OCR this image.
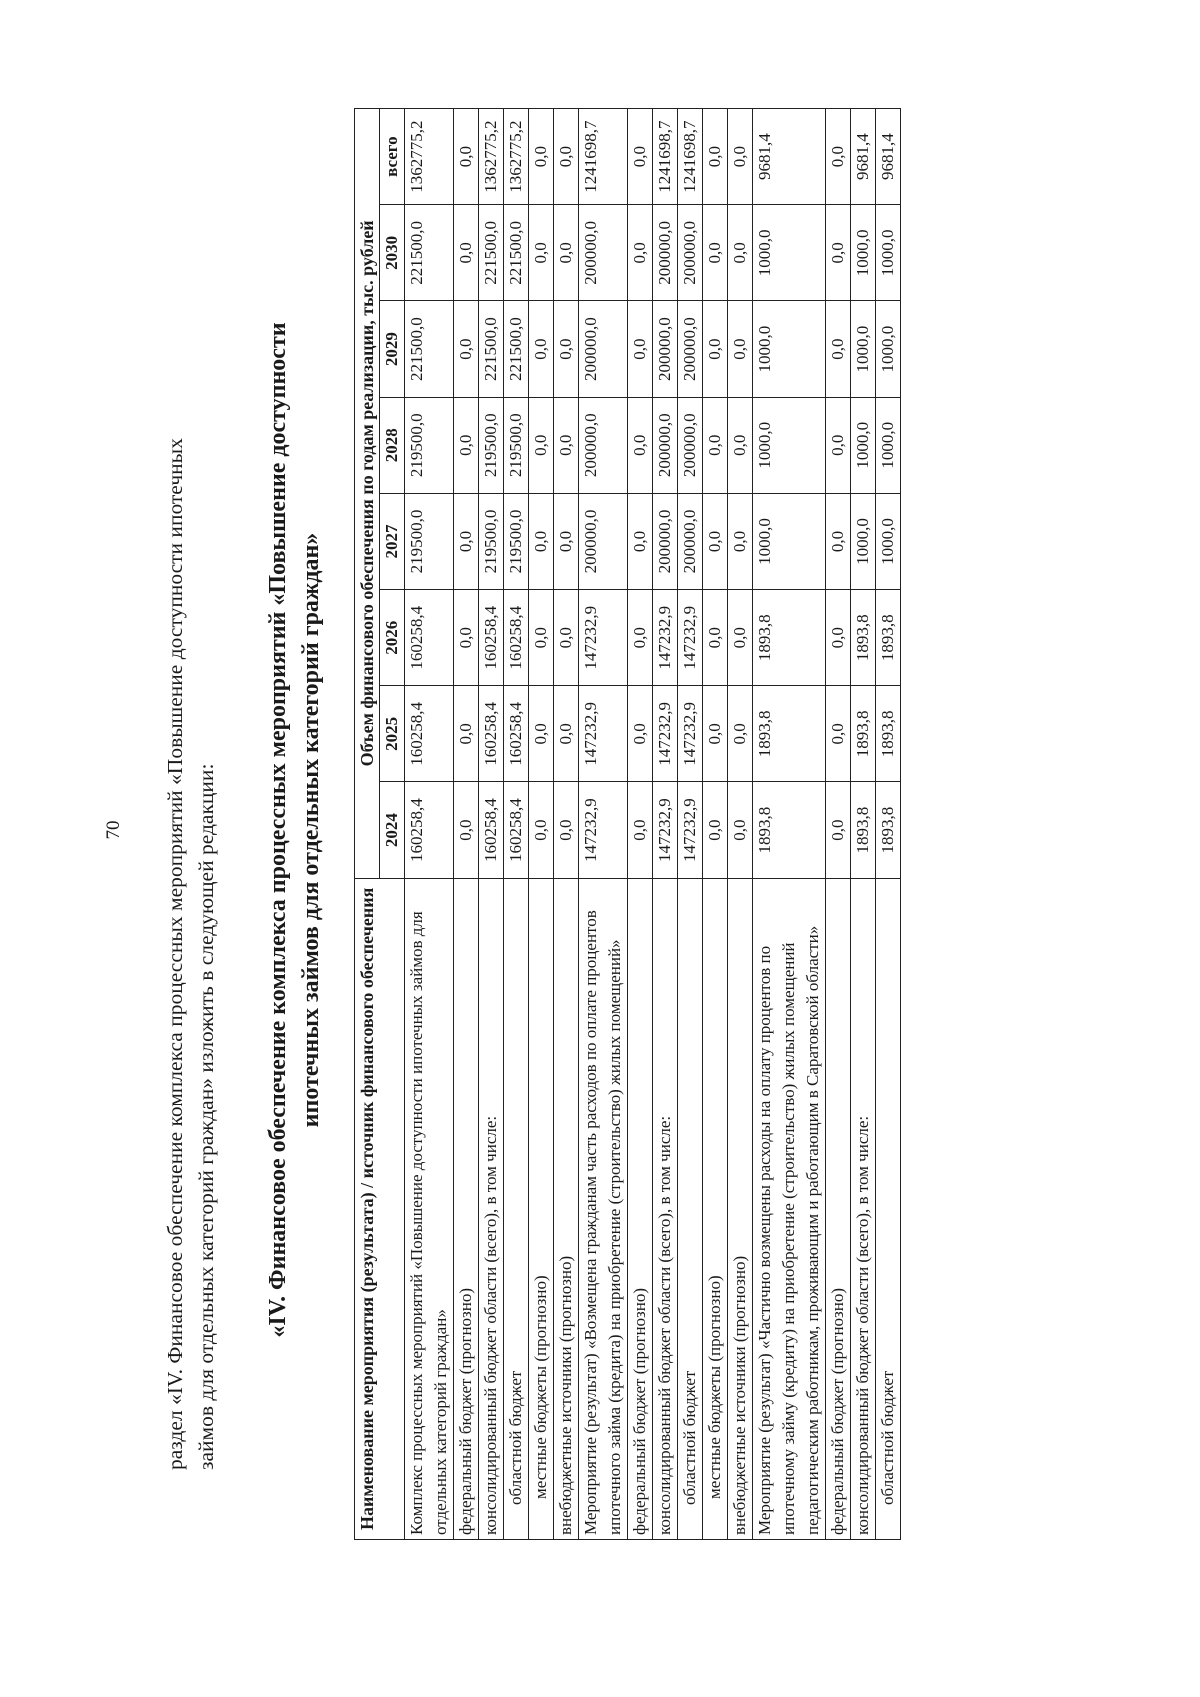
70 раздел «IV. Финансовое обеспечение комплекса процессных мероприятий «Повышение доступности ипотечных займов для отдельных категорий граждан» изложить в следующей редакции: «IV. Финансовое обеспечение комплекса процессных мероприятий «Повышение доступности ипотечных займов для отдельных категорий граждан»
Наименование мероприятия (результата) / источник финансового обеспечения	Объем финансового обеспечения по годам реализации, тыс. рублей							
	2024	2025	2026	2027	2028	2029	2030	всего
Комплекс процессных мероприятий «Повышение доступности ипотечных займов для отдельных категорий граждан»	160258,4	160258,4	160258,4	219500,0	219500,0	221500,0	221500,0	1362775,2
федеральный бюджет (прогнозно)	0,0	0,0	0,0	0,0	0,0	0,0	0,0	0,0
консолидированный бюджет области (всего), в том числе:	160258,4	160258,4	160258,4	219500,0	219500,0	221500,0	221500,0	1362775,2
областной бюджет	160258,4	160258,4	160258,4	219500,0	219500,0	221500,0	221500,0	1362775,2
местные бюджеты (прогнозно)	0,0	0,0	0,0	0,0	0,0	0,0	0,0	0,0
внебюджетные источники (прогнозно)	0,0	0,0	0,0	0,0	0,0	0,0	0,0	0,0
Мероприятие (результат) «Возмещена гражданам часть расходов по оплате процентов ипотечного займа (кредита) на приобретение (строительство) жилых помещений»	147232,9	147232,9	147232,9	200000,0	200000,0	200000,0	200000,0	1241698,7
федеральный бюджет (прогнозно)	0,0	0,0	0,0	0,0	0,0	0,0	0,0	0,0
консолидированный бюджет области (всего), в том числе:	147232,9	147232,9	147232,9	200000,0	200000,0	200000,0	200000,0	1241698,7
областной бюджет	147232,9	147232,9	147232,9	200000,0	200000,0	200000,0	200000,0	1241698,7
местные бюджеты (прогнозно)	0,0	0,0	0,0	0,0	0,0	0,0	0,0	0,0
внебюджетные источники (прогнозно)	0,0	0,0	0,0	0,0	0,0	0,0	0,0	0,0
Мероприятие (результат) «Частично возмещены расходы на оплату процентов по ипотечному займу (кредиту) на приобретение (строительство) жилых помещений педагогическим работникам, проживающим и работающим в Саратовской области»	1893,8	1893,8	1893,8	1000,0	1000,0	1000,0	1000,0	9681,4
федеральный бюджет (прогнозно)	0,0	0,0	0,0	0,0	0,0	0,0	0,0	0,0
консолидированный бюджет области (всего), в том числе:	1893,8	1893,8	1893,8	1000,0	1000,0	1000,0	1000,0	9681,4
областной бюджет	1893,8	1893,8	1893,8	1000,0	1000,0	1000,0	1000,0	9681,4
